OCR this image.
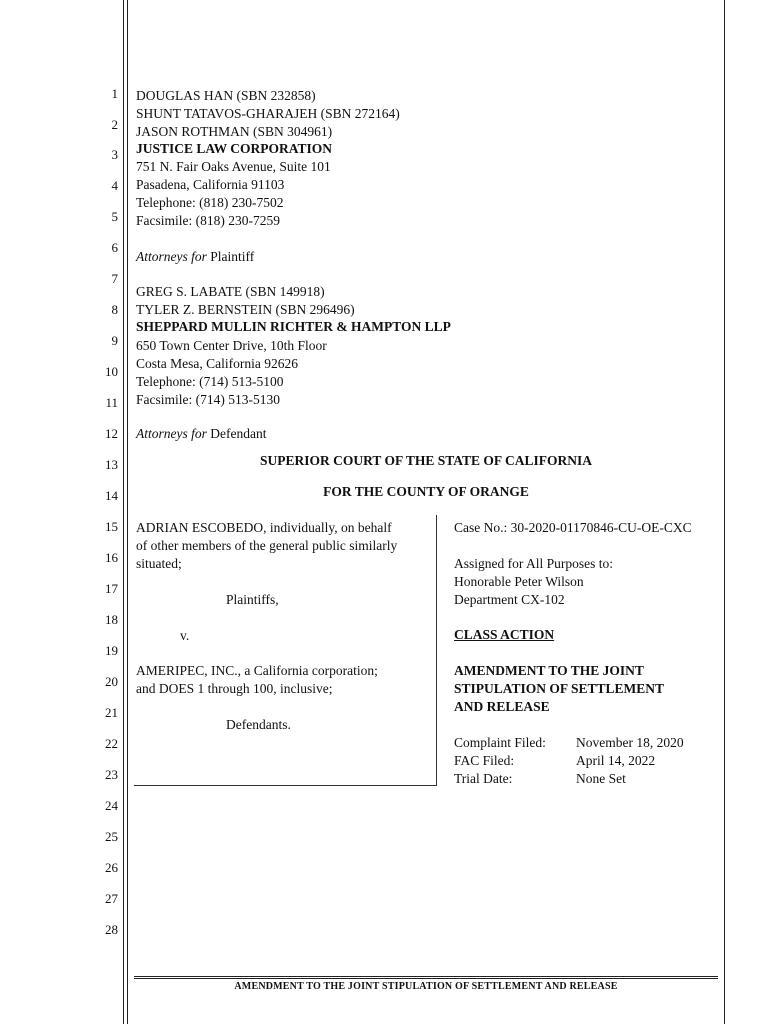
1
2
3
4
5
6
7
8
9
10
11
12
13
14
15
16
17
18
19
20
21
22
23
24
25
26
27
28
DOUGLAS HAN (SBN 232858)
SHUNT TATAVOS-GHARAJEH (SBN 272164)
JASON ROTHMAN (SBN 304961)
JUSTICE LAW CORPORATION
751 N. Fair Oaks Avenue, Suite 101
Pasadena, California 91103
Telephone: (818) 230-7502
Facsimile: (818) 230-7259
Attorneys for Plaintiff
GREG S. LABATE (SBN 149918)
TYLER Z. BERNSTEIN (SBN 296496)
SHEPPARD MULLIN RICHTER & HAMPTON LLP
650 Town Center Drive, 10th Floor
Costa Mesa, California 92626
Telephone: (714) 513-5100
Facsimile: (714) 513-5130
Attorneys for Defendant
SUPERIOR COURT OF THE STATE OF CALIFORNIA
FOR THE COUNTY OF ORANGE
ADRIAN ESCOBEDO, individually, on behalf
of other members of the general public similarly
situated;
Plaintiffs,
v.
AMERIPEC, INC., a California corporation;
and DOES 1 through 100, inclusive;
Defendants.
Case No.: 30-2020-01170846-CU-OE-CXC
Assigned for All Purposes to:
Honorable Peter Wilson
Department CX-102
CLASS ACTION
AMENDMENT TO THE JOINT
STIPULATION OF SETTLEMENT
AND RELEASE
Complaint Filed: November 18, 2020
FAC Filed:	April 14, 2022
Trial Date:	None Set
AMENDMENT TO THE JOINT STIPULATION OF SETTLEMENT AND RELEASE
